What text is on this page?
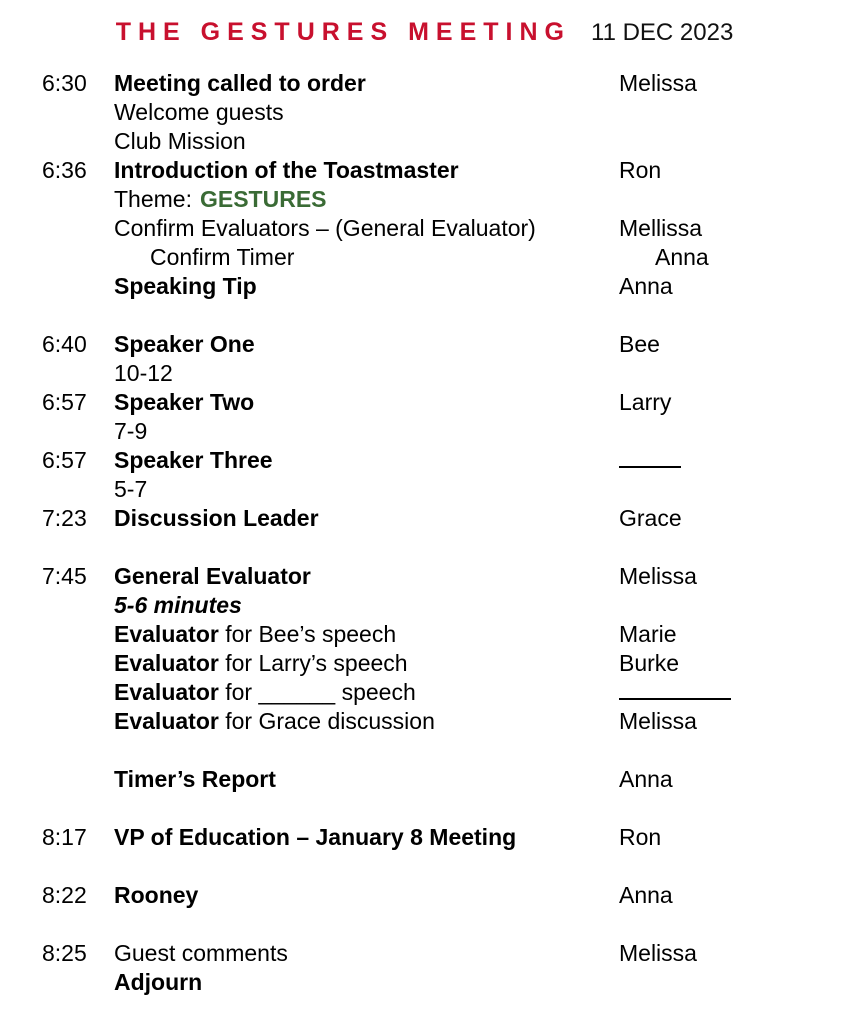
THE GESTURES MEETING 11 DEC 2023
6:30	Meeting called to order	Melissa
Welcome guests
Club Mission
6:36	Introduction of the Toastmaster	Ron
Theme: GESTURES
Confirm Evaluators – (General Evaluator)	Mellissa
Confirm Timer	Anna
Speaking Tip	Anna
6:40	Speaker One	Bee
10-12
6:57	Speaker Two	Larry
7-9
6:57	Speaker Three
5-7
7:23	Discussion Leader	Grace
7:45	General Evaluator	Melissa
5-6 minutes
Evaluator for Bee’s speech	Marie
Evaluator for Larry’s speech	Burke
Evaluator for ______ speech
Evaluator for Grace discussion	Melissa
Timer’s Report	Anna
8:17	VP of Education – January 8 Meeting	Ron
8:22	Rooney	Anna
8:25	Guest comments	Melissa
Adjourn
